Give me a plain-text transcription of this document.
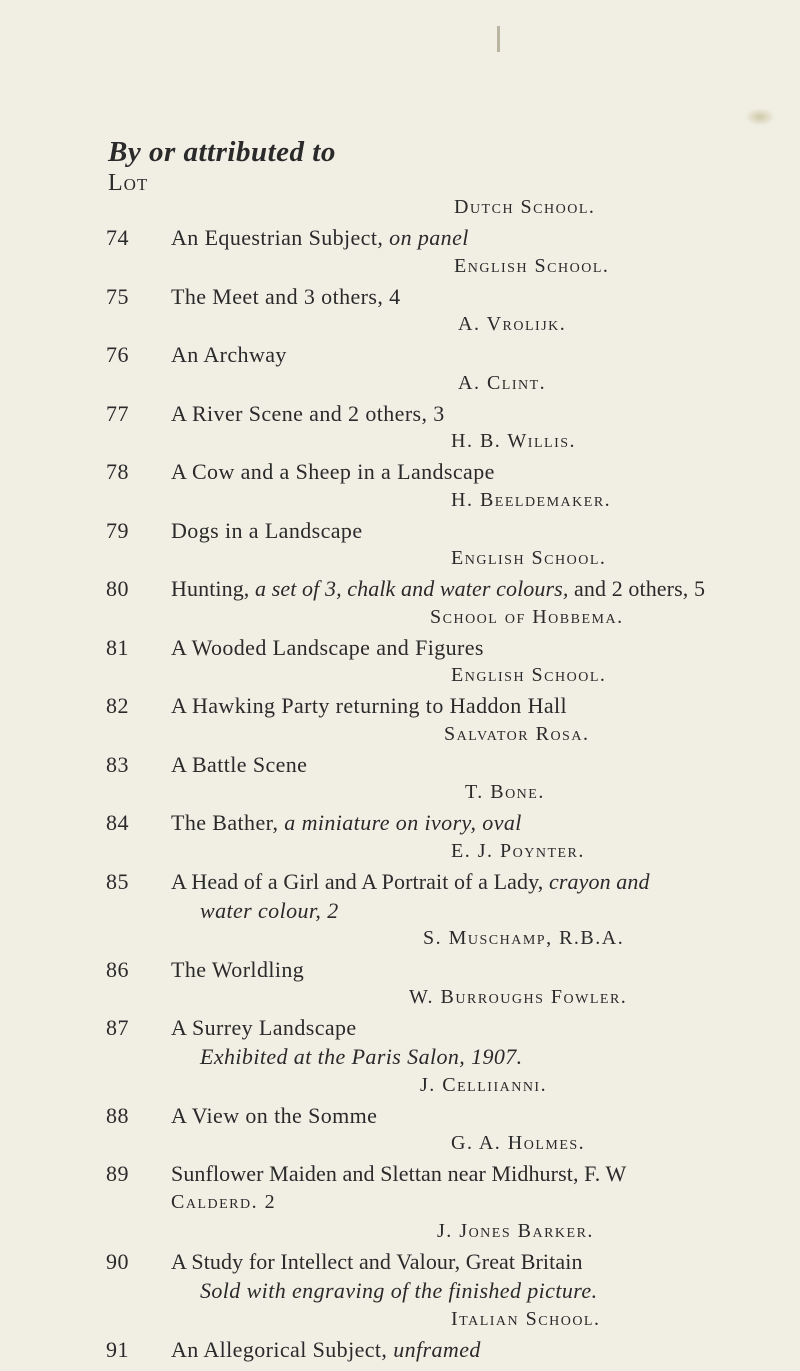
By or attributed to
Lot
Dutch School.
74 An Equestrian Subject, on panel
English School.
75 The Meet and 3 others, 4
A. Vrolijk.
76 An Archway
A. Clint.
77 A River Scene and 2 others, 3
H. B. Willis.
78 A Cow and a Sheep in a Landscape
H. Beeldemaker.
79 Dogs in a Landscape
English School.
80 Hunting, a set of 3, chalk and water colours, and 2 others, 5
School of Hobbema.
81 A Wooded Landscape and Figures
English School.
82 A Hawking Party returning to Haddon Hall
Salvator Rosa.
83 A Battle Scene
T. Bone.
84 The Bather, a miniature on ivory, oval
E. J. Poynter.
85 A Head of a Girl and A Portrait of a Lady, crayon and
water colour, 2
S. Muschamp, R.B.A.
86 The Worldling
W. Burroughs Fowler.
87 A Surrey Landscape
Exhibited at the Paris Salon, 1907.
J. Celliianni.
88 A View on the Somme
G. A. Holmes.
89 Sunflower Maiden and Slettan near Midhurst, F. W
Calderd. 2
J. Jones Barker.
90 A Study for Intellect and Valour, Great Britain
Sold with engraving of the finished picture.
Italian School.
91 An Allegorical Subject, unframed
